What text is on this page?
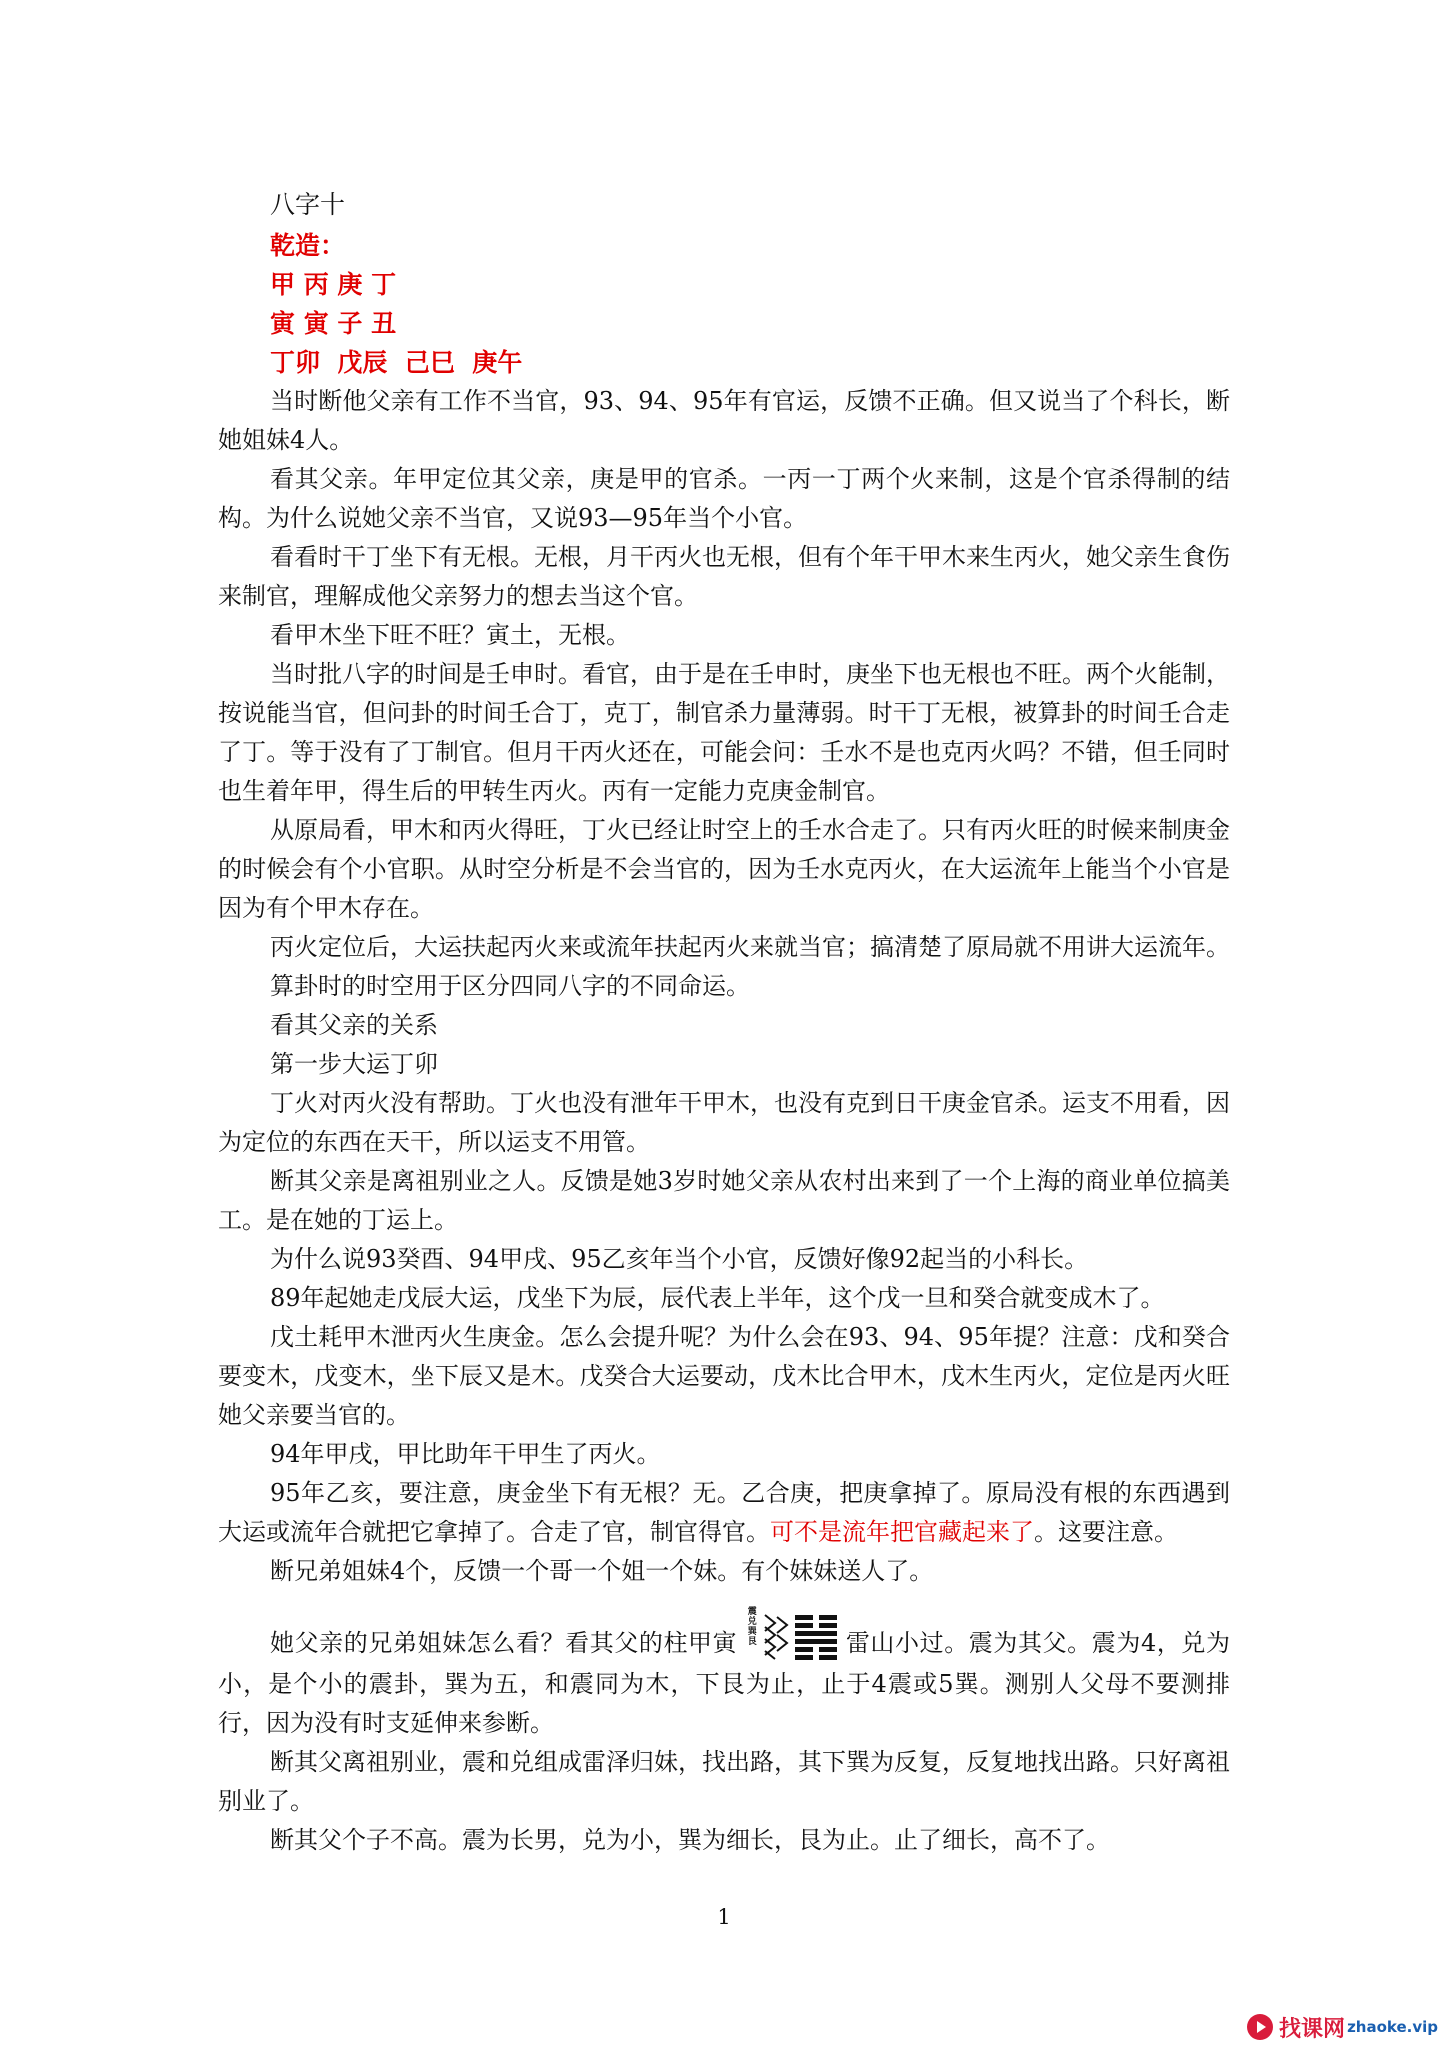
八字十
乾造：
甲 丙 庚 丁
寅 寅 子 丑
丁卯  戊辰  己巳  庚午

当时断他父亲有工作不当官，93、94、95年有官运，反馈不正确。但又说当了个科长，断她姐妹4人。

看其父亲。年甲定位其父亲，庚是甲的官杀。一丙一丁两个火来制，这是个官杀得制的结构。为什么说她父亲不当官，又说93—95年当个小官。

看看时干丁坐下有无根。无根，月干丙火也无根，但有个年干甲木来生丙火，她父亲生食伤来制官，理解成他父亲努力的想去当这个官。

看甲木坐下旺不旺？寅土，无根。

当时批八字的时间是壬申时。看官，由于是在壬申时，庚坐下也无根也不旺。两个火能制，按说能当官，但问卦的时间壬合丁，克丁，制官杀力量薄弱。时干丁无根，被算卦的时间壬合走了丁。等于没有了丁制官。但月干丙火还在，可能会问：壬水不是也克丙火吗？不错，但壬同时也生着年甲，得生后的甲转生丙火。丙有一定能力克庚金制官。

从原局看，甲木和丙火得旺，丁火已经让时空上的壬水合走了。只有丙火旺的时候来制庚金的时候会有个小官职。从时空分析是不会当官的，因为壬水克丙火，在大运流年上能当个小官是因为有个甲木存在。

丙火定位后，大运扶起丙火来或流年扶起丙火来就当官；搞清楚了原局就不用讲大运流年。

算卦时的时空用于区分四同八字的不同命运。

看其父亲的关系

第一步大运丁卯

丁火对丙火没有帮助。丁火也没有泄年干甲木，也没有克到日干庚金官杀。运支不用看，因为定位的东西在天干，所以运支不用管。

断其父亲是离祖别业之人。反馈是她3岁时她父亲从农村出来到了一个上海的商业单位搞美工。是在她的丁运上。

为什么说93癸酉、94甲戌、95乙亥年当个小官，反馈好像92起当的小科长。

89年起她走戊辰大运，戊坐下为辰，辰代表上半年，这个戊一旦和癸合就变成木了。

戊土耗甲木泄丙火生庚金。怎么会提升呢？为什么会在93、94、95年提？注意：戊和癸合要变木，戊变木，坐下辰又是木。戊癸合大运要动，戊木比合甲木，戊木生丙火，定位是丙火旺她父亲要当官的。

94年甲戌，甲比助年干甲生了丙火。

95年乙亥，要注意，庚金坐下有无根？无。乙合庚，把庚拿掉了。原局没有根的东西遇到大运或流年合就把它拿掉了。合走了官，制官得官。可不是流年把官藏起来了。这要注意。

断兄弟姐妹4个，反馈一个哥一个姐一个妹。有个妹妹送人了。

她父亲的兄弟姐妹怎么看？看其父的柱甲寅
震
兑
巽
艮	雷山小过。震为其父。震为4，兑为小，是个小的震卦，巽为五，和震同为木，下艮为止，止于4震或5巽。测别人父母不要测排行，因为没有时支延伸来参断。

断其父离祖别业，震和兑组成雷泽归妹，找出路，其下巽为反复，反复地找出路。只好离祖别业了。

断其父个子不高。震为长男，兑为小，巽为细长，艮为止。止了细长，高不了。

1
找课网 zhaoke.vip
